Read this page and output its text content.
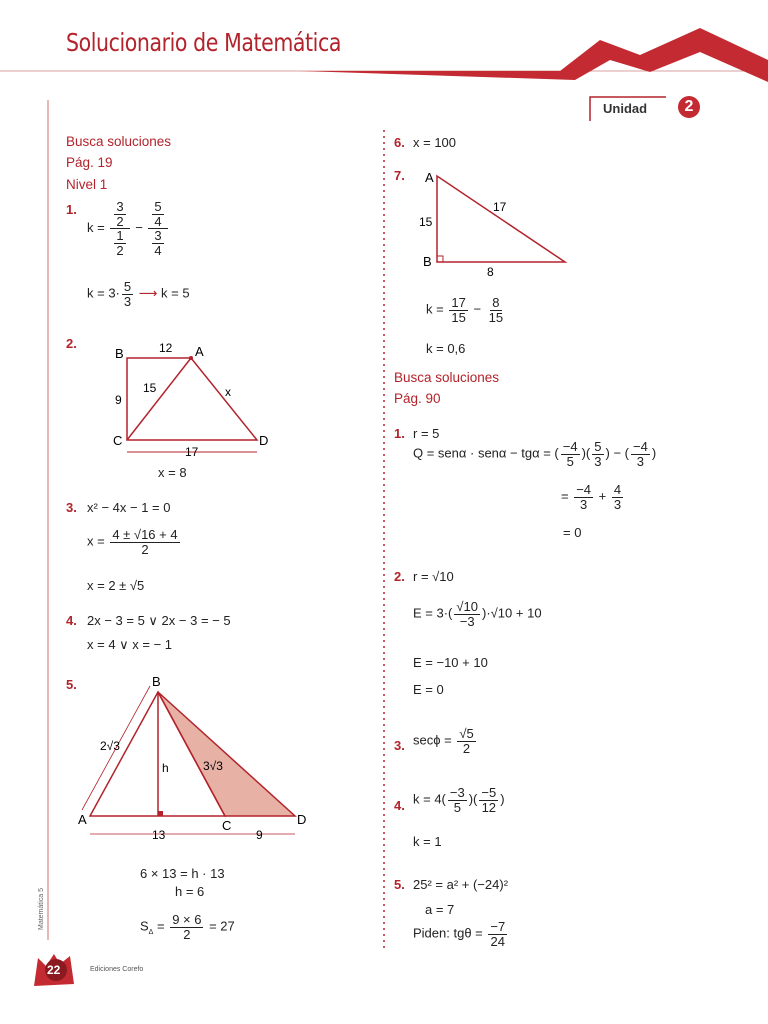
Solucionario de Matemática
Unidad	2
Busca soluciones
Pág. 19
Nivel 1
1.
$k = \frac{\frac{3}{2}}{\frac{1}{2}} - \frac{\frac{5}{4}}{\frac{3}{4}}$
$k = 3\cdot \frac{5}{3}$ ⟶ k = 5
2.
B	A
C	D
12
9
15	x
17
x = 8
3. x² − 4x − 1 = 0
$x = \frac{4 \pm √16 + 4}{2}$
x = 2 ± √5
4. 2x − 3 = 5 ∨ 2x − 3 = − 5
x = 4 ∨ x = − 1
5.	B
A	C	D
2√3
h	3√3
13	9
6 × 13 = h · 13
h = 6
$S_\Delta = \frac{9 \times 6}{2} = 27$
6. x = 100
7. A
B
15
17
8
$k = \frac{17}{15} - \frac{8}{15}$
k = 0,6
Busca soluciones
Pág. 90
1. r = 5
Q = senα · senα − tgα = ( $\frac{-4}{5}$ )( $\frac{5}{3}$ ) − ( $\frac{-4}{3}$ )
= $\frac{-4}{3} + \frac{4}{3}$
= 0
2. r = √10
$E = 3\cdot( \frac{√10}{-3} )\cdot√10 + 10$
E = −10 + 10
E = 0
3. $\sec\phi = \frac{√5}{2}$
4. $k = 4( \frac{-3}{5}$ )( $\frac{-5}{12}$ )
k = 1
5. 25² = a² + (−24)²
a = 7
Piden: $tg\theta = \frac{-7}{24}$
22	Ediciones Corefo
Matemática 5
